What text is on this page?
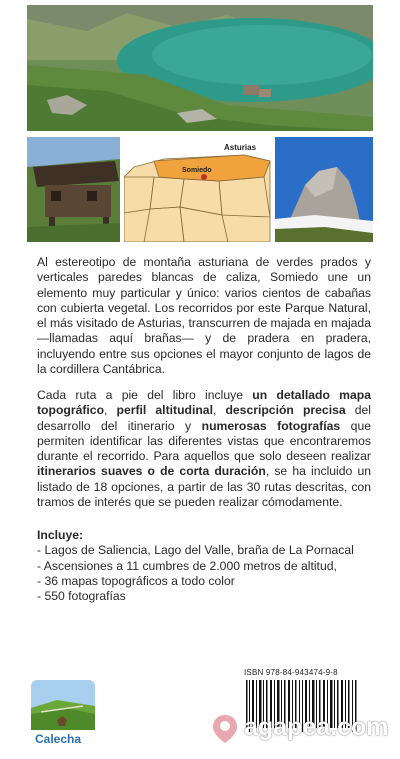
Asturias
Somiedo
Al estereotipo de montaña asturiana de verdes prados y verticales paredes blancas de caliza, Somiedo une un elemento muy particular y único: varios cientos de cabañas con cubierta vegetal. Los recorridos por este Parque Natural, el más visitado de Asturias, transcurren de majada en majada —llamadas aquí brañas— y de pradera en pradera, incluyendo entre sus opciones el mayor conjunto de lagos de la cordillera Cantábrica.
Cada ruta a pie del libro incluye un detallado mapa topográfico, perfil altitudinal, descripción precisa del desarrollo del itinerario y numerosas fotografías que permiten identificar las diferentes vistas que encontraremos durante el recorrido. Para aquellos que solo deseen realizar itinerarios suaves o de corta duración, se ha incluido un listado de 18 opciones, a partir de las 30 rutas descritas, con tramos de interés que se pueden realizar cómodamente.
Incluye:
- Lagos de Saliencia, Lago del Valle, braña de La Pornacal
- Ascensiones a 11 cumbres de 2.000 metros de altitud,
- 36 mapas topográficos a todo color
- 550 fotografías
ISBN 978-84-943474-9-8
Calecha	agapea.com
